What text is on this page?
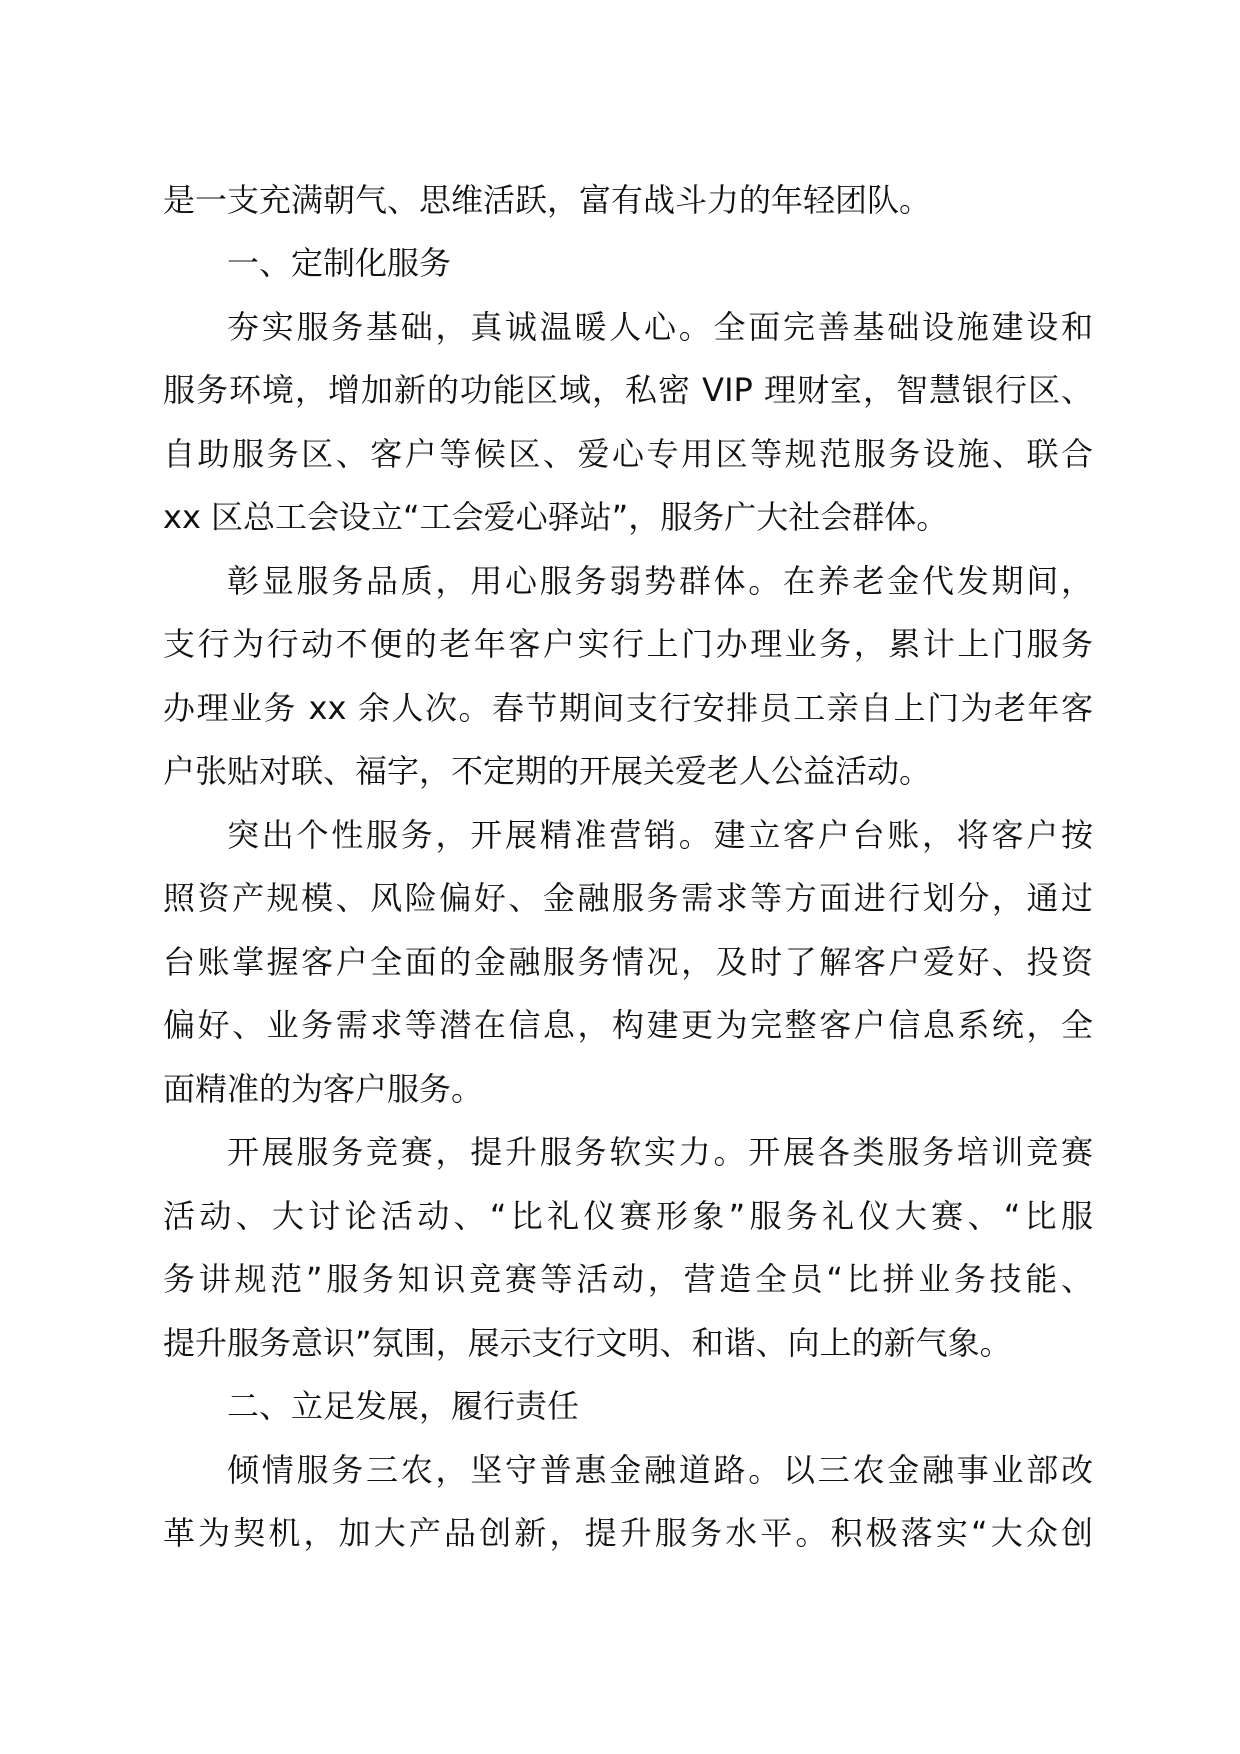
是一支充满朝气、思维活跃，富有战斗力的年轻团队。
一、定制化服务
夯实服务基础，真诚温暖人心。全面完善基础设施建设和
服务环境，增加新的功能区域，私密 VIP 理财室，智慧银行区、
自助服务区、客户等候区、爱心专用区等规范服务设施、联合
xx 区总工会设立“工会爱心驿站”，服务广大社会群体。
彰显服务品质，用心服务弱势群体。在养老金代发期间，
支行为行动不便的老年客户实行上门办理业务，累计上门服务
办理业务 xx 余人次。春节期间支行安排员工亲自上门为老年客
户张贴对联、福字，不定期的开展关爱老人公益活动。
突出个性服务，开展精准营销。建立客户台账，将客户按
照资产规模、风险偏好、金融服务需求等方面进行划分，通过
台账掌握客户全面的金融服务情况，及时了解客户爱好、投资
偏好、业务需求等潜在信息，构建更为完整客户信息系统，全
面精准的为客户服务。
开展服务竞赛，提升服务软实力。开展各类服务培训竞赛
活动、大讨论活动、“比礼仪赛形象”服务礼仪大赛、“比服
务讲规范”服务知识竞赛等活动，营造全员“比拼业务技能、
提升服务意识”氛围，展示支行文明、和谐、向上的新气象。
二、立足发展，履行责任
倾情服务三农，坚守普惠金融道路。以三农金融事业部改
革为契机，加大产品创新，提升服务水平。积极落实“大众创
